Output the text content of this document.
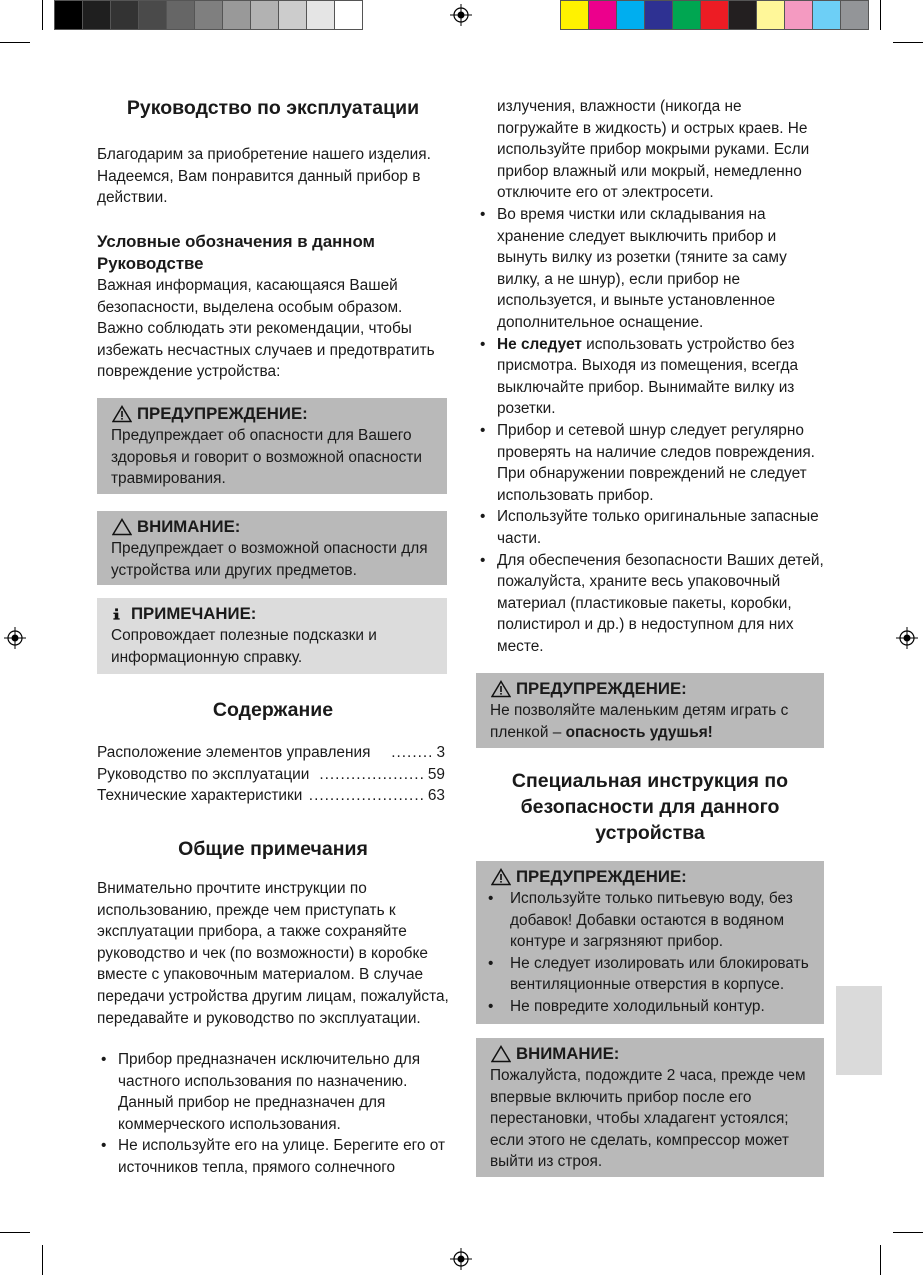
Руководство по эксплуатации

Благодарим за приобретение нашего изделия. Надеемся, Вам понравится данный прибор в действии.

Условные обозначения в данном Руководстве

Важная информация, касающаяся Вашей безопасности, выделена особым образом. Важно соблюдать эти рекомендации, чтобы избежать несчастных случаев и предотвратить повреждение устройства:

ПРЕДУПРЕЖДЕНИЕ:
Предупреждает об опасности для Вашего здоровья и говорит о возможной опасности травмирования.
ВНИМАНИЕ:
Предупреждает о возможной опасности для устройства или других предметов.
ПРИМЕЧАНИЕ:
Сопровождает полезные подсказки и информационную справку.
Содержание
Расположение элементов управления	........ 3
Руководство по эксплуатации .................... 59
Технические характеристики ...................... 63
Общие примечания

Внимательно прочтите инструкции по использованию, прежде чем приступать к эксплуатации прибора, а также сохраняйте руководство и чек (по возможности) в коробке вместе с упаковочным материалом. В случае передачи устройства другим лицам, пожалуйста, передавайте и руководство по эксплуатации.

• Прибор предназначен исключительно для частного использования по назначению. Данный прибор не предназначен для коммерческого использования.
• Не используйте его на улице. Берегите его от источников тепла, прямого солнечного

излучения, влажности (никогда не погружайте в жидкость) и острых краев. Не используйте прибор мокрыми руками. Если прибор влажный или мокрый, немедленно отключите его от электросети.

• Во время чистки или складывания на хранение следует выключить прибор и вынуть вилку из розетки (тяните за саму вилку, а не шнур), если прибор не используется, и выньте установленное дополнительное оснащение.
• Не следует использовать устройство без присмотра. Выходя из помещения, всегда выключайте прибор. Вынимайте вилку из розетки.
• Прибор и сетевой шнур следует регулярно проверять на наличие следов повреждения. При обнаружении повреждений не следует использовать прибор.
• Используйте только оригинальные запасные части.
• Для обеспечения безопасности Ваших детей, пожалуйста, храните весь упаковочный материал (пластиковые пакеты, коробки, полистирол и др.) в недоступном для них месте.
ПРЕДУПРЕЖДЕНИЕ:
Не позволяйте маленьким детям играть с пленкой – опасность удушья!
Специальная инструкция по безопасности для данного устройства
ПРЕДУПРЕЖДЕНИЕ:
• Используйте только питьевую воду, без добавок! Добавки остаются в водяном контуре и загрязняют прибор.
• Не следует изолировать или блокировать вентиляционные отверстия в корпусе.
• Не повредите холодильный контур.
ВНИМАНИЕ:
Пожалуйста, подождите 2 часа, прежде чем впервые включить прибор после его перестановки, чтобы хладагент устоялся; если этого не сделать, компрессор может выйти из строя.
